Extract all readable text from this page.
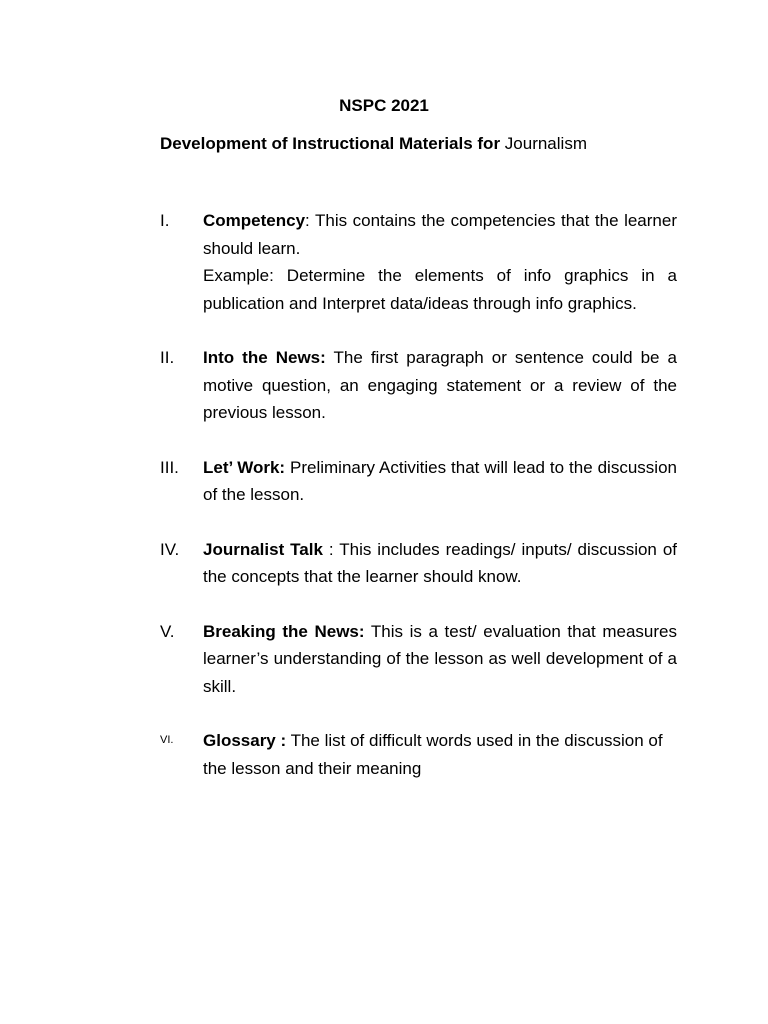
NSPC 2021

Development of Instructional Materials for Journalism

I.	Competency: This contains the competencies that the learner should learn.
Example: Determine the elements of info graphics in a publication and Interpret data/ideas through info graphics.
II.	Into the News: The first paragraph or sentence could be a motive question, an engaging statement or a review of the previous lesson.
III.	Let’ Work: Preliminary Activities that will lead to the discussion of the lesson.
IV.	Journalist Talk : This includes readings/ inputs/ discussion of the concepts that the learner should know.
V.	Breaking the News: This is a test/ evaluation that measures learner’s understanding of the lesson as well development of a skill.
VI.	Glossary : The list of difficult words used in the discussion of the lesson and their meaning
